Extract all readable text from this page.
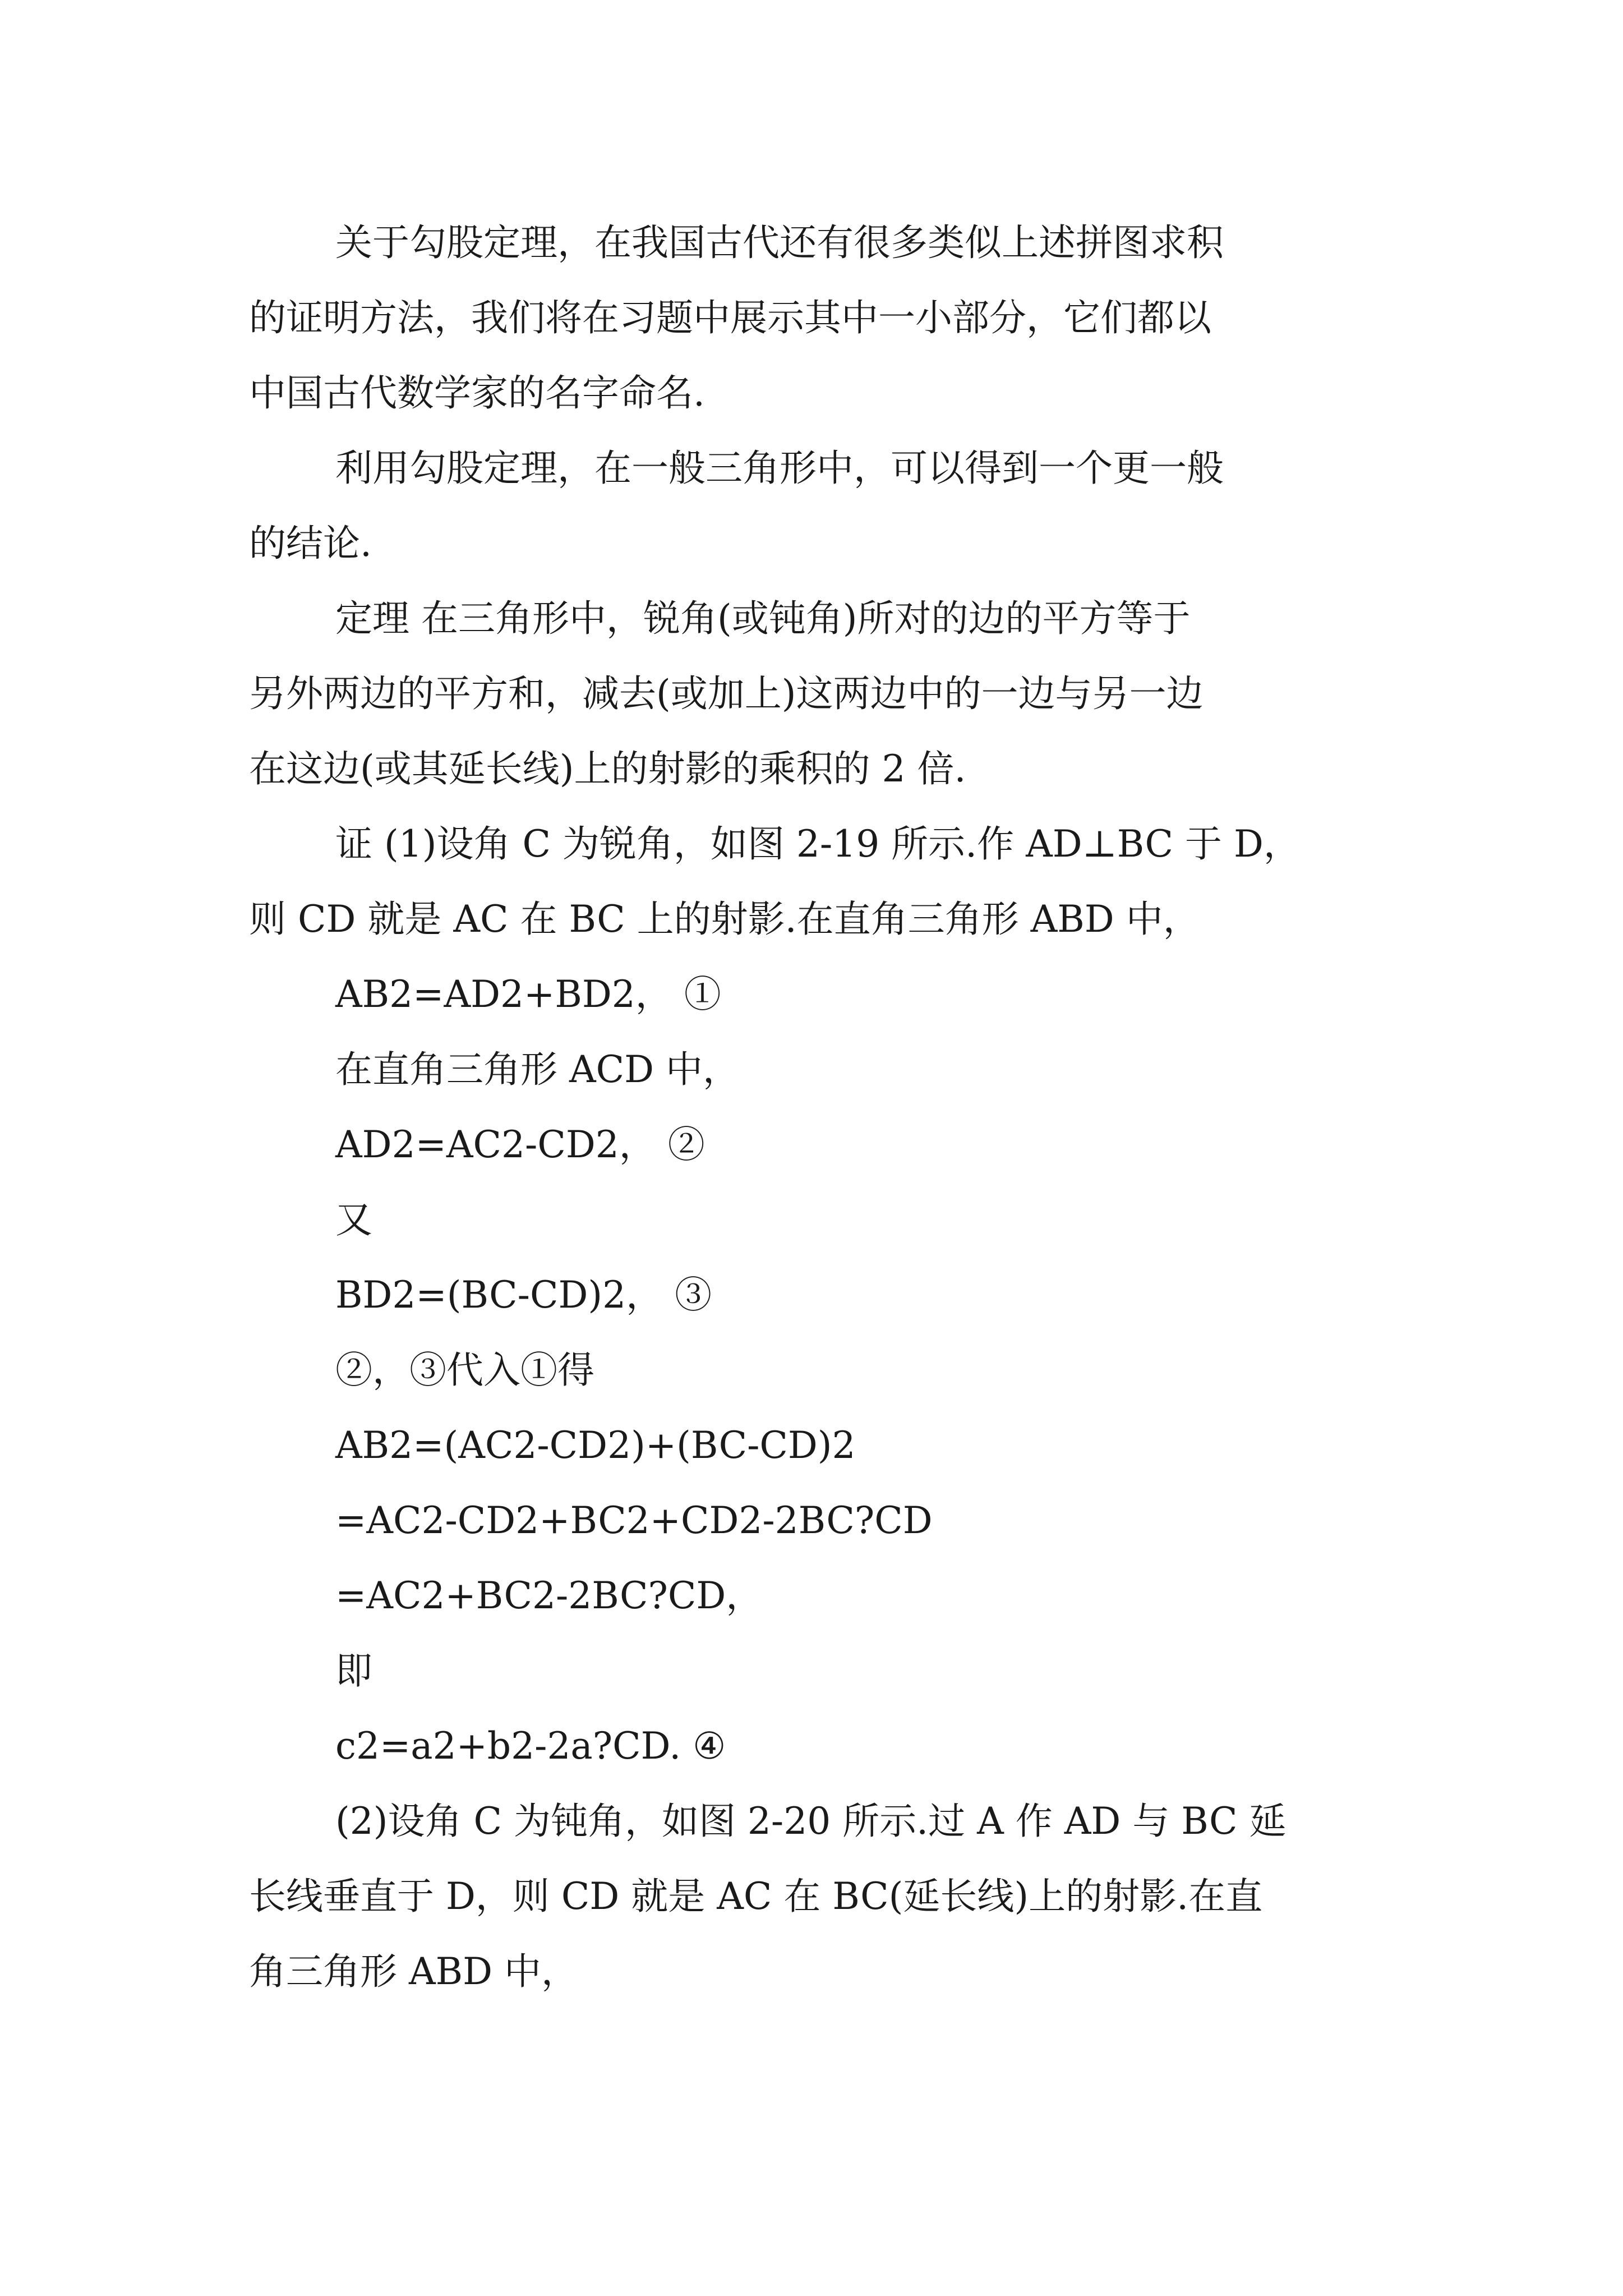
关于勾股定理，在我国古代还有很多类似上述拼图求积
的证明方法，我们将在习题中展示其中一小部分，它们都以
中国古代数学家的名字命名.
利用勾股定理，在一般三角形中，可以得到一个更一般
的结论.
定理 在三角形中，锐角(或钝角)所对的边的平方等于
另外两边的平方和，减去(或加上)这两边中的一边与另一边
在这边(或其延长线)上的射影的乘积的 2 倍.
证 (1)设角 C 为锐角，如图 2-19 所示.作 AD⊥BC 于 D，
则 CD 就是 AC 在 BC 上的射影.在直角三角形 ABD 中，
AB2=AD2+BD2， ①
在直角三角形 ACD 中，
AD2=AC2-CD2， ②
又
BD2=(BC-CD)2， ③
②，③代入①得
AB2=(AC2-CD2)+(BC-CD)2
=AC2-CD2+BC2+CD2-2BC?CD
=AC2+BC2-2BC?CD，
即
c2=a2+b2-2a?CD. ④
(2)设角 C 为钝角，如图 2-20 所示.过 A 作 AD 与 BC 延
长线垂直于 D，则 CD 就是 AC 在 BC(延长线)上的射影.在直
角三角形 ABD 中，
